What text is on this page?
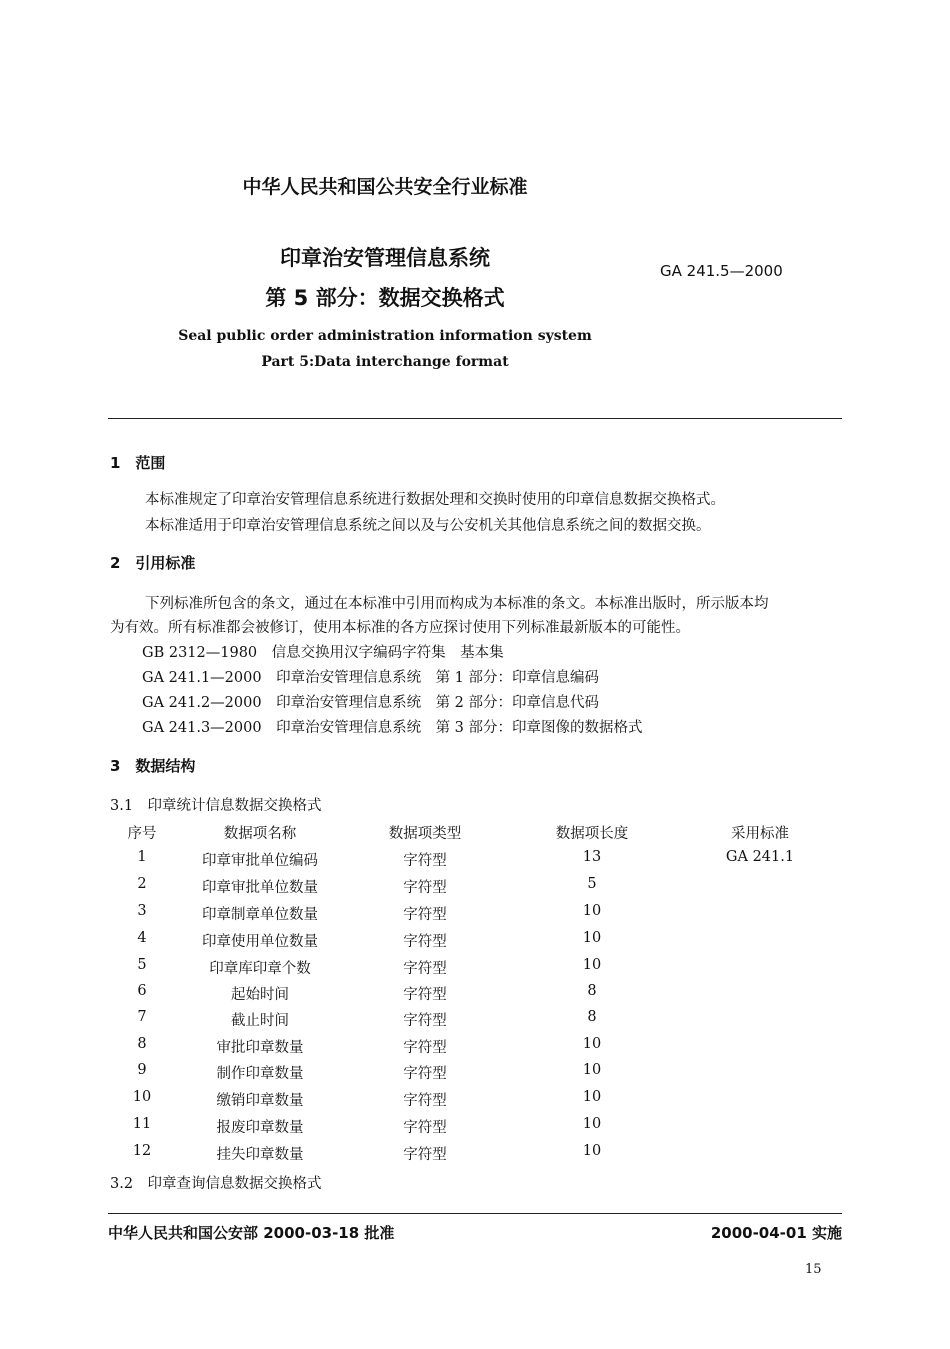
中华人民共和国公共安全行业标准
印章治安管理信息系统
第 5 部分：数据交换格式
GA 241.5—2000
Seal public order administration information system
Part 5:Data interchange format
1　范围
本标准规定了印章治安管理信息系统进行数据处理和交换时使用的印章信息数据交换格式。
本标准适用于印章治安管理信息系统之间以及与公安机关其他信息系统之间的数据交换。
2　引用标准
下列标准所包含的条文，通过在本标准中引用而构成为本标准的条文。本标准出版时，所示版本均
为有效。所有标准都会被修订，使用本标准的各方应探讨使用下列标准最新版本的可能性。
GB 2312—1980　信息交换用汉字编码字符集　基本集
GA 241.1—2000　印章治安管理信息系统　第 1 部分：印章信息编码
GA 241.2—2000　印章治安管理信息系统　第 2 部分：印章信息代码
GA 241.3—2000　印章治安管理信息系统　第 3 部分：印章图像的数据格式
3　数据结构
3.1　印章统计信息数据交换格式
序号	数据项名称	数据项类型	数据项长度	采用标准
1	印章审批单位编码	字符型	13	GA 241.1
2	印章审批单位数量	字符型	5
3	印章制章单位数量	字符型	10
4	印章使用单位数量	字符型	10
5	印章库印章个数	字符型	10
6	起始时间	字符型	8
7	截止时间	字符型	8
8	审批印章数量	字符型	10
9	制作印章数量	字符型	10
10	缴销印章数量	字符型	10
11	报废印章数量	字符型	10
12	挂失印章数量	字符型	10
3.2　印章查询信息数据交换格式
中华人民共和国公安部 2000-03-18 批准	2000-04-01 实施
15
